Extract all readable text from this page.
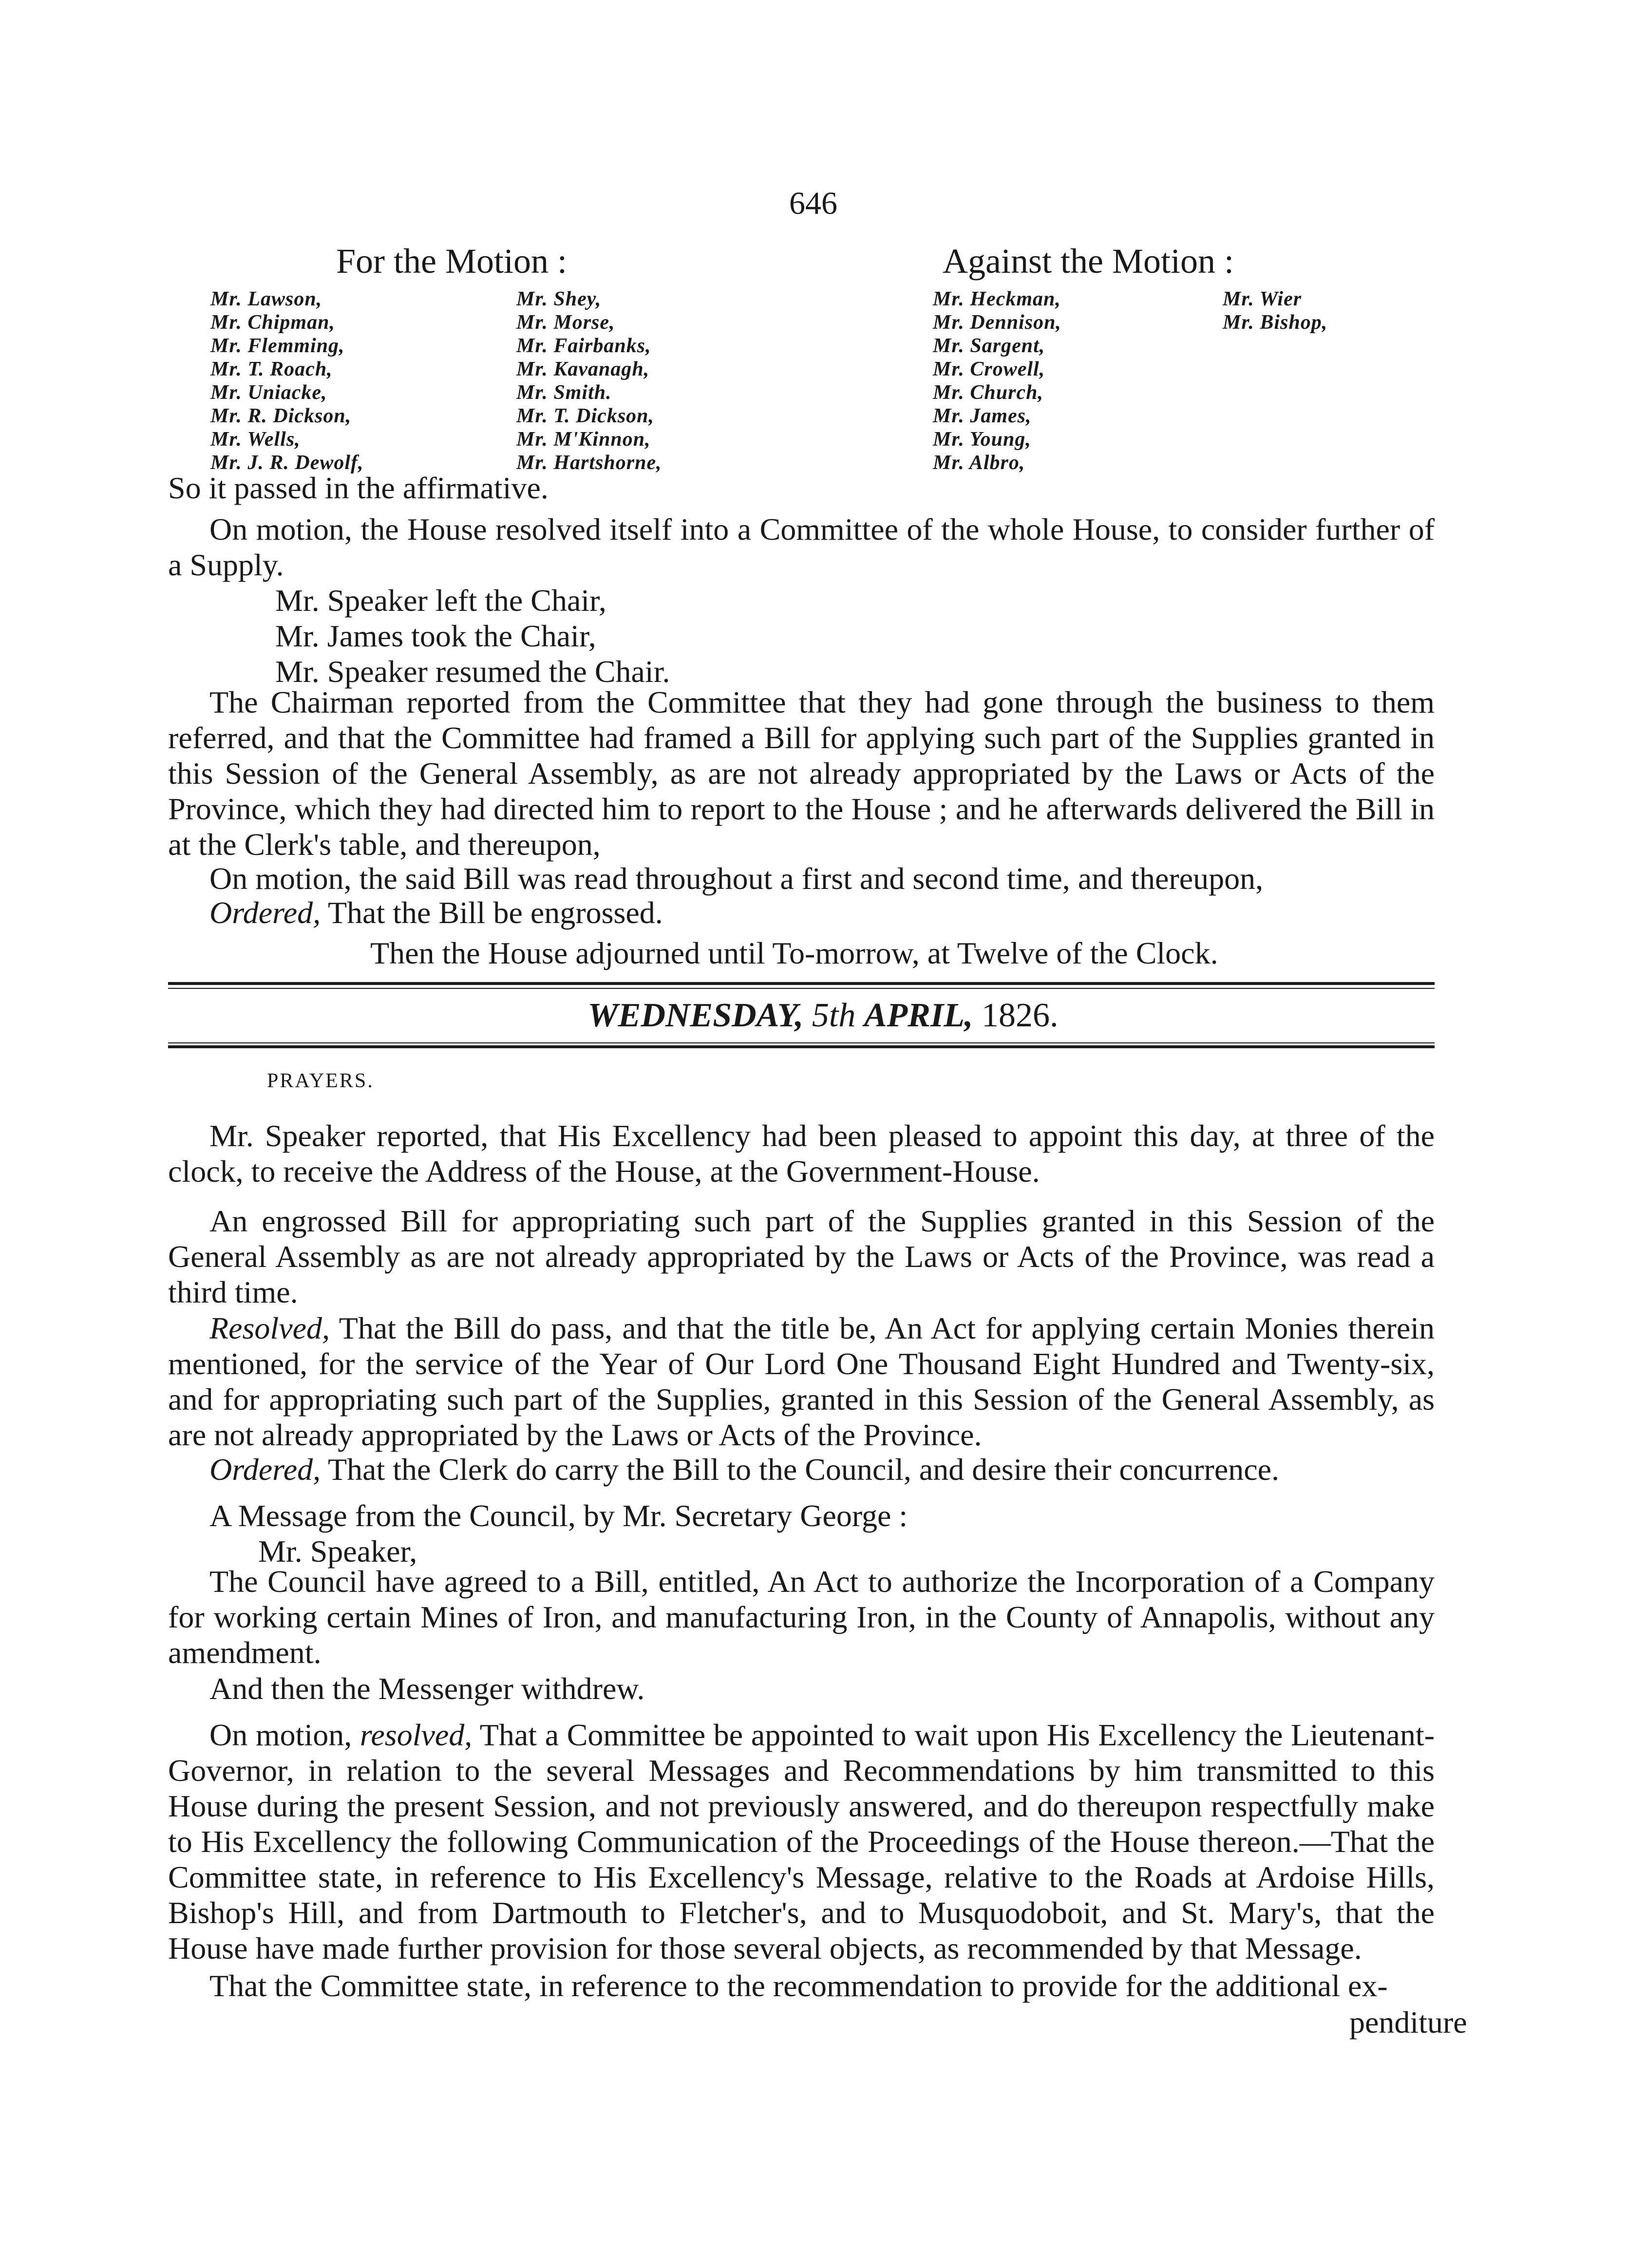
646
For the Motion :	Against the Motion :
Mr. Lawson,
Mr. Chipman,
Mr. Flemming,
Mr. T. Roach,
Mr. Uniacke,
Mr. R. Dickson,
Mr. Wells,
Mr. J. R. Dewolf,
Mr. Shey,
Mr. Morse,
Mr. Fairbanks,
Mr. Kavanagh,
Mr. Smith.
Mr. T. Dickson,
Mr. M'Kinnon,
Mr. Hartshorne,
Mr. Heckman,
Mr. Dennison,
Mr. Sargent,
Mr. Crowell,
Mr. Church,
Mr. James,
Mr. Young,
Mr. Albro,
Mr. Wier
Mr. Bishop,
So it passed in the affirmative.
On motion, the House resolved itself into a Committee of the whole House, to consider further of a Supply.
Mr. Speaker left the Chair,
Mr. James took the Chair,
Mr. Speaker resumed the Chair.
The Chairman reported from the Committee that they had gone through the business to them referred, and that the Committee had framed a Bill for applying such part of the Supplies granted in this Session of the General Assembly, as are not already appropriated by the Laws or Acts of the Province, which they had directed him to report to the House ; and he afterwards delivered the Bill in at the Clerk's table, and thereupon,
On motion, the said Bill was read throughout a first and second time, and thereupon,
Ordered, That the Bill be engrossed.
Then the House adjourned until To-morrow, at Twelve of the Clock.
WEDNESDAY, 5th APRIL, 1826.
PRAYERS.
Mr. Speaker reported, that His Excellency had been pleased to appoint this day, at three of the clock, to receive the Address of the House, at the Government-House.
An engrossed Bill for appropriating such part of the Supplies granted in this Session of the General Assembly as are not already appropriated by the Laws or Acts of the Province, was read a third time.
Resolved, That the Bill do pass, and that the title be, An Act for applying certain Monies therein mentioned, for the service of the Year of Our Lord One Thousand Eight Hundred and Twenty-six, and for appropriating such part of the Supplies, granted in this Session of the General Assembly, as are not already appropriated by the Laws or Acts of the Province.
Ordered, That the Clerk do carry the Bill to the Council, and desire their concurrence.
A Message from the Council, by Mr. Secretary George :
Mr. Speaker,
The Council have agreed to a Bill, entitled, An Act to authorize the Incorporation of a Company for working certain Mines of Iron, and manufacturing Iron, in the County of Annapolis, without any amendment.
And then the Messenger withdrew.
On motion, resolved, That a Committee be appointed to wait upon His Excellency the Lieutenant-Governor, in relation to the several Messages and Recommendations by him transmitted to this House during the present Session, and not previously answered, and do thereupon respectfully make to His Excellency the following Communication of the Proceedings of the House thereon.—That the Committee state, in reference to His Excellency's Message, relative to the Roads at Ardoise Hills, Bishop's Hill, and from Dartmouth to Fletcher's, and to Musquodoboit, and St. Mary's, that the House have made further provision for those several objects, as recommended by that Message.
That the Committee state, in reference to the recommendation to provide for the additional ex-
penditure
